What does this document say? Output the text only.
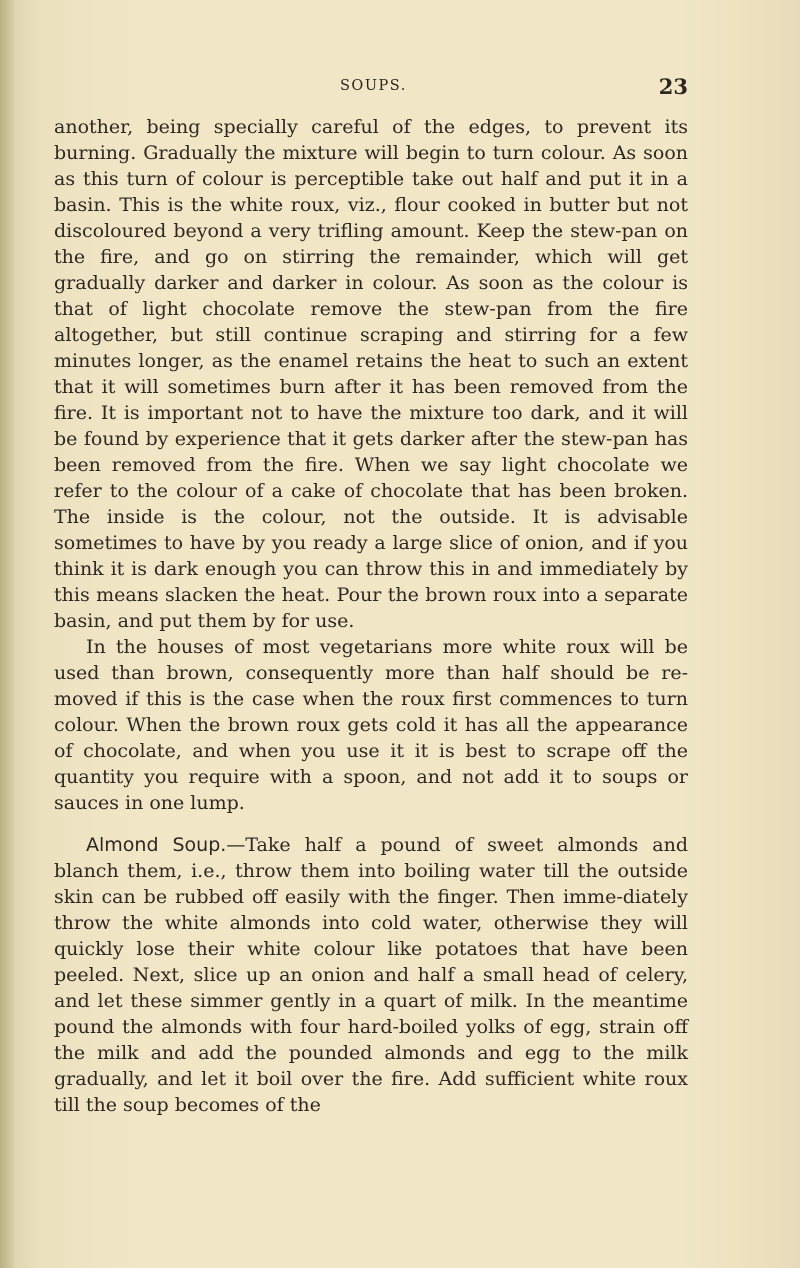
SOUPS.	23

another, being specially careful of the edges, to prevent its burning. Gradually the mixture will begin to turn colour. As soon as this turn of colour is perceptible take out half and put it in a basin. This is the white roux, viz., flour cooked in butter but not discoloured beyond a very trifling amount. Keep the stew-pan on the fire, and go on stirring the remainder, which will get gradually darker and darker in colour. As soon as the colour is that of light chocolate remove the stew-pan from the fire altogether, but still continue scraping and stirring for a few minutes longer, as the enamel retains the heat to such an extent that it will sometimes burn after it has been removed from the fire. It is important not to have the mixture too dark, and it will be found by experience that it gets darker after the stew-pan has been removed from the fire. When we say light chocolate we refer to the colour of a cake of chocolate that has been broken. The inside is the colour, not the outside. It is advisable sometimes to have by you ready a large slice of onion, and if you think it is dark enough you can throw this in and immediately by this means slacken the heat. Pour the brown roux into a separate basin, and put them by for use.

In the houses of most vegetarians more white roux will be used than brown, consequently more than half should be re-moved if this is the case when the roux first commences to turn colour. When the brown roux gets cold it has all the appearance of chocolate, and when you use it it is best to scrape off the quantity you require with a spoon, and not add it to soups or sauces in one lump.

Almond Soup.—Take half a pound of sweet almonds and blanch them, i.e., throw them into boiling water till the outside skin can be rubbed off easily with the finger. Then imme-diately throw the white almonds into cold water, otherwise they will quickly lose their white colour like potatoes that have been peeled. Next, slice up an onion and half a small head of celery, and let these simmer gently in a quart of milk. In the meantime pound the almonds with four hard-boiled yolks of egg, strain off the milk and add the pounded almonds and egg to the milk gradually, and let it boil over the fire. Add sufficient white roux till the soup becomes of the
